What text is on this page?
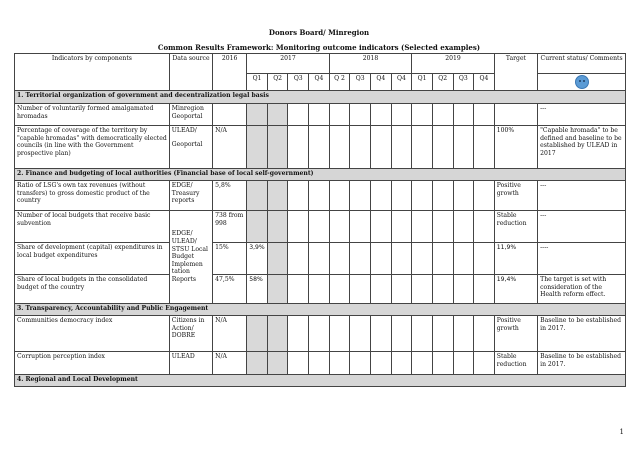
Donors Board/ Minregion
Common Results Framework: Monitoring outcome indicators (Selected examples)
Indicators by components	Data source	2016	2017				2018				2019				Target	Current status/ Comments
			Q1	Q2	Q3	Q4	Q 2	Q3	Q4	Q4	Q1	Q2	Q3	Q4		

1. Territorial organization of government and decentralization legal basis																
Number of voluntarily formed amalgamated hromadas	Minregion Geoportal															---
Percentage of coverage of the territory by "capable hromadas" with democratically elected councils (in line with the Government prospective plan)	ULEAD/
Geoportal	N/A													100%	"Capable hromada" to be defined and baseline to be established by ULEAD in 2017
2. Finance and budgeting of local authorities (Financial base of local self-government)																
Ratio of LSG's own tax revenues (without transfers) to gross domestic product of the country	EDGE/ Treasury reports	5,8%													Positive growth	---
Number of local budgets that receive basic subvention	EDGE/ ULEAD/ STSU Local Budget Implemen tation Reports	738 from 998													Stable reduction	---
Share of development (capital) expenditures in local budget expenditures		15%	3,9%												11,9%	----
Share of local budgets in the consolidated budget of the country		47,5%	58%												19,4%	The target is set with consideration of the Health reform effect.
3. Transparency, Accountability and Public Engagement																
Communities democracy index	Citizens in Action/ DOBRE	N/A													Positive growth	Baseline to be established in 2017.
Corruption perception index	ULEAD	N/A													Stable reduction	Baseline to be established in 2017.
4. Regional and Local Development																
1
